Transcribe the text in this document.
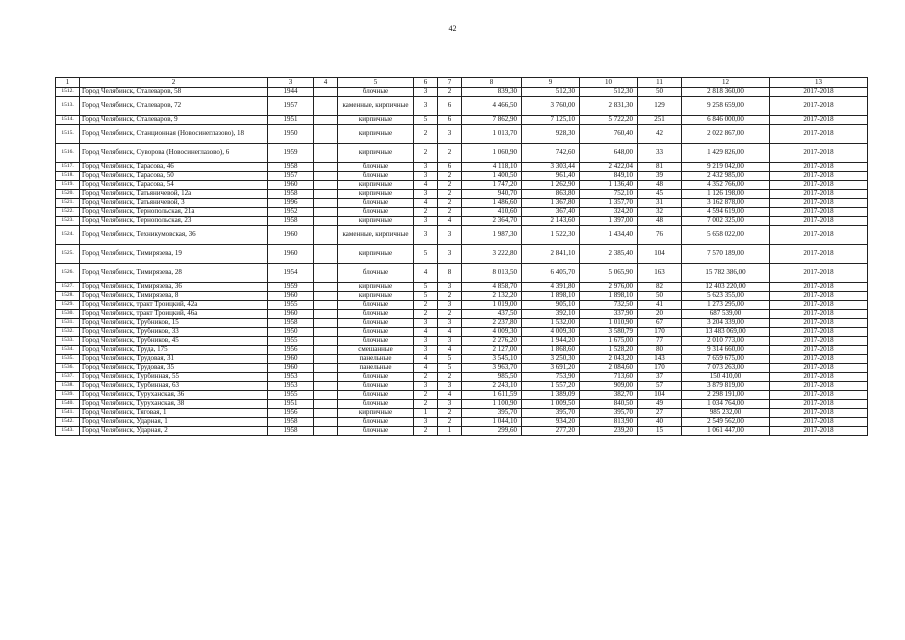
42
1	2	3	4	5	6	7	8	9	10	11	12	13
1512.	Город Челябинск, Сталеваров, 58	1944		блочные	3	2	839,30	512,30	512,30	50	2 818 360,00	2017-2018
1513.	Город Челябинск, Сталеваров, 72	1957		каменные, кирпичные	3	6	4 466,50	3 760,00	2 831,30	129	9 258 659,00	2017-2018
1514.	Город Челябинск, Сталеваров, 9	1951		кирпичные	5	6	7 862,90	7 125,10	5 722,20	251	6 846 000,00	2017-2018
1515.	Город Челябинск, Станционная (Новосинеглазово), 18	1950		кирпичные	2	3	1 013,70	928,30	760,40	42	2 022 867,00	2017-2018
1516.	Город Челябинск, Суворова (Новосинеглазово), 6	1959		кирпичные	2	2	1 060,90	742,60	648,00	33	1 429 826,00	2017-2018
1517.	Город Челябинск, Тарасова, 46	1958		блочные	3	6	4 118,10	3 303,44	2 422,04	81	9 219 042,00	2017-2018
1518.	Город Челябинск, Тарасова, 50	1957		блочные	3	2	1 400,50	961,40	849,10	39	2 432 985,00	2017-2018
1519.	Город Челябинск, Тарасова, 54	1960		кирпичные	4	2	1 747,20	1 262,90	1 136,40	48	4 352 766,00	2017-2018
1520.	Город Челябинск, Татьяничевой, 12а	1958		кирпичные	3	2	940,70	863,80	752,10	45	1 126 198,00	2017-2018
1521.	Город Челябинск, Татьяничевой, 3	1996		блочные	4	2	1 486,60	1 367,80	1 357,70	31	3 162 878,00	2017-2018
1522.	Город Челябинск, Тернопольская, 21а	1952		блочные	2	2	410,60	367,40	324,20	32	4 594 619,00	2017-2018
1523.	Город Челябинск, Тернопольская, 23	1958		кирпичные	3	4	2 364,70	2 143,60	1 397,00	48	7 002 325,00	2017-2018
1524.	Город Челябинск, Техникумовская, 36	1960		каменные, кирпичные	3	3	1 987,30	1 522,30	1 434,40	76	5 658 022,00	2017-2018
1525.	Город Челябинск, Тимирязева, 19	1960		кирпичные	5	3	3 222,80	2 841,10	2 385,40	104	7 570 189,00	2017-2018
1526.	Город Челябинск, Тимирязева, 28	1954		блочные	4	8	8 013,50	6 405,70	5 065,90	163	15 782 386,00	2017-2018
1527.	Город Челябинск, Тимирязева, 36	1959		кирпичные	5	3	4 858,70	4 391,80	2 976,00	82	12 403 220,00	2017-2018
1528.	Город Челябинск, Тимирязева, 8	1960		кирпичные	5	2	2 132,20	1 898,10	1 898,10	50	5 623 355,00	2017-2018
1529.	Город Челябинск, тракт Троицкий, 42а	1955		блочные	2	3	1 019,00	905,10	732,50	41	1 273 295,00	2017-2018
1530.	Город Челябинск, тракт Троицкий, 46а	1960		блочные	2	2	437,50	392,10	337,90	20	687 539,00	2017-2018
1531.	Город Челябинск, Трубников, 15	1958		блочные	3	3	2 237,80	1 532,00	1 010,90	67	3 204 339,00	2017-2018
1532.	Город Челябинск, Трубников, 33	1950		блочные	4	4	4 009,30	4 009,30	3 580,79	170	13 483 069,00	2017-2018
1533.	Город Челябинск, Трубников, 45	1955		блочные	3	3	2 276,20	1 944,20	1 675,00	77	2 010 773,00	2017-2018
1534.	Город Челябинск, Труда, 175	1956		смешанные	3	4	2 127,00	1 868,60	1 528,20	80	9 314 660,00	2017-2018
1535.	Город Челябинск, Трудовая, 31	1960		панельные	4	5	3 545,10	3 250,30	2 043,20	143	7 659 675,00	2017-2018
1536.	Город Челябинск, Трудовая, 35	1960		панельные	4	5	3 963,70	3 691,20	2 084,60	170	7 073 263,00	2017-2018
1537.	Город Челябинск, Турбинная, 55	1953		блочные	2	2	985,50	753,90	713,60	37	150 410,00	2017-2018
1538.	Город Челябинск, Турбинная, 63	1953		блочные	3	3	2 243,10	1 557,20	909,00	57	3 879 819,00	2017-2018
1539.	Город Челябинск, Туруханская, 36	1955		блочные	2	4	1 611,59	1 389,09	382,70	104	2 298 191,00	2017-2018
1540.	Город Челябинск, Туруханская, 38	1951		блочные	2	3	1 100,90	1 009,50	840,50	49	1 034 764,00	2017-2018
1541.	Город Челябинск, Тяговая, 1	1956		кирпичные	1	2	395,70	395,70	395,70	27	985 232,00	2017-2018
1542.	Город Челябинск, Ударная, 1	1958		блочные	3	2	1 044,10	934,20	813,90	40	2 549 562,00	2017-2018
1543.	Город Челябинск, Ударная, 2	1958		блочные	2	1	299,60	277,20	239,20	15	1 061 447,00	2017-2018
